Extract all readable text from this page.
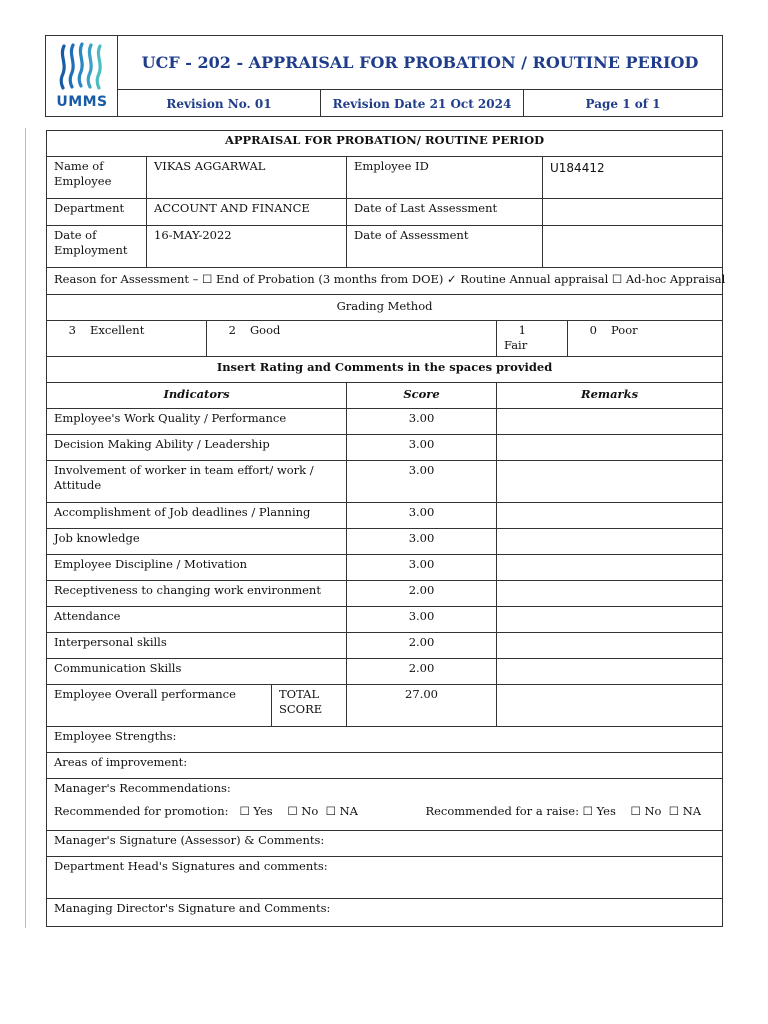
UMMS
UCF - 202 - APPRAISAL FOR PROBATION / ROUTINE PERIOD
Revision No. 01	Revision Date 21 Oct 2024	Page 1 of 1
APPRAISAL FOR PROBATION/ ROUTINE PERIOD							
Name of Employee	VIKAS AGGARWAL			Employee ID		U184412	
Department	ACCOUNT AND FINANCE			Date of Last Assessment			
Date of Employment	16-MAY-2022			Date of Assessment			
Reason for Assessment – ☐ End of Probation (3 months from DOE) ✓ Routine Annual appraisal ☐ Ad-hoc Appraisal							
Grading Method							
3 Excellent		2 Good			1Fair		0 Poor
Insert Rating and Comments in the spaces provided							
Indicators				Score	Remarks		
Employee's Work Quality / Performance				3.00			
Decision Making Ability / Leadership				3.00			
Involvement of worker in team effort/ work / Attitude				3.00			
Accomplishment of Job deadlines / Planning				3.00			
Job knowledge				3.00			
Employee Discipline / Motivation				3.00			
Receptiveness to changing work environment				2.00			
Attendance				3.00			
Interpersonal skills				2.00			
Communication Skills				2.00			
Employee Overall performance			TOTAL SCORE	27.00			
Employee Strengths:							
Areas of improvement:							

Manager's Recommendations:
Recommended for promotion:   ☐ Yes    ☐ No  ☐ NA Recommended for a raise: ☐ Yes    ☐ No  ☐ NA							

Manager's Signature (Assessor) & Comments:							
Department Head's Signatures and comments:							
Managing Director's Signature and Comments:							
